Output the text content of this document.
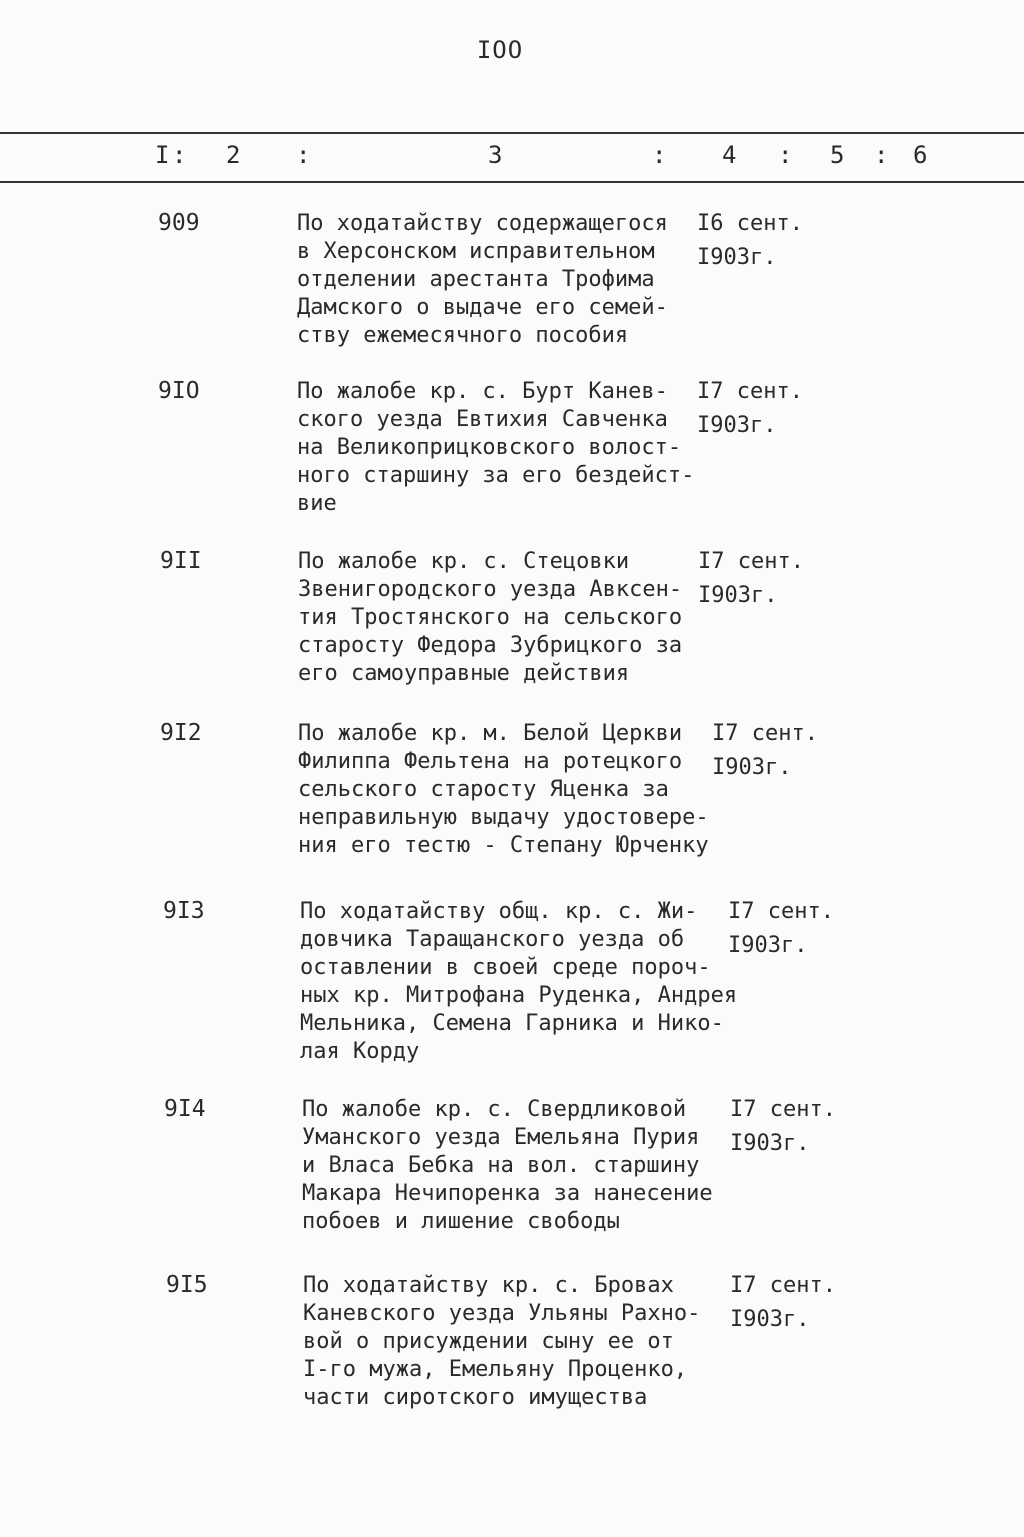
IOO
I : 2 :	3	: 4 : 5 : 6
909	По ходатайству содержащегося
в Херсонском исправительном
отделении арестанта Трофима
Дамского о выдаче его семей-
ству ежемесячного пособия
I6 сент.
I903г.
9IO	По жалобе кр. с. Бурт Канев-
ского уезда Евтихия Савченка
на Великоприцковского волост-
ного старшину за его бездейст-
вие
I7 сент.
I903г.
9II	По жалобе кр. с. Стецовки
Звенигородского уезда Авксен-
тия Тростянского на сельского
старосту Федора Зубрицкого за
его самоуправные действия
I7 сент.
I903г.
9I2	По жалобе кр. м. Белой Церкви
Филиппа Фельтена на ротецкого
сельского старосту Яценка за
неправильную выдачу удостовере-
ния его тестю - Степану Юрченку
I7 сент.
I903г.
9I3	По ходатайству общ. кр. с. Жи-
довчика Таращанского уезда об
оставлении в своей среде пороч-
ных кр. Митрофана Руденка, Андрея
Мельника, Семена Гарника и Нико-
лая Корду
I7 сент.
I903г.
9I4	По жалобе кр. с. Свердликовой
Уманского уезда Емельяна Пурия
и Власа Бебка на вол. старшину
Макара Нечипоренка за нанесение
побоев и лишение свободы
I7 сент.
I903г.
9I5	По ходатайству кр. с. Бровах
Каневского уезда Ульяны Рахно-
вой о присуждении сыну ее от
I-го мужа, Емельяну Проценко,
части сиротского имущества
I7 сент.
I903г.
